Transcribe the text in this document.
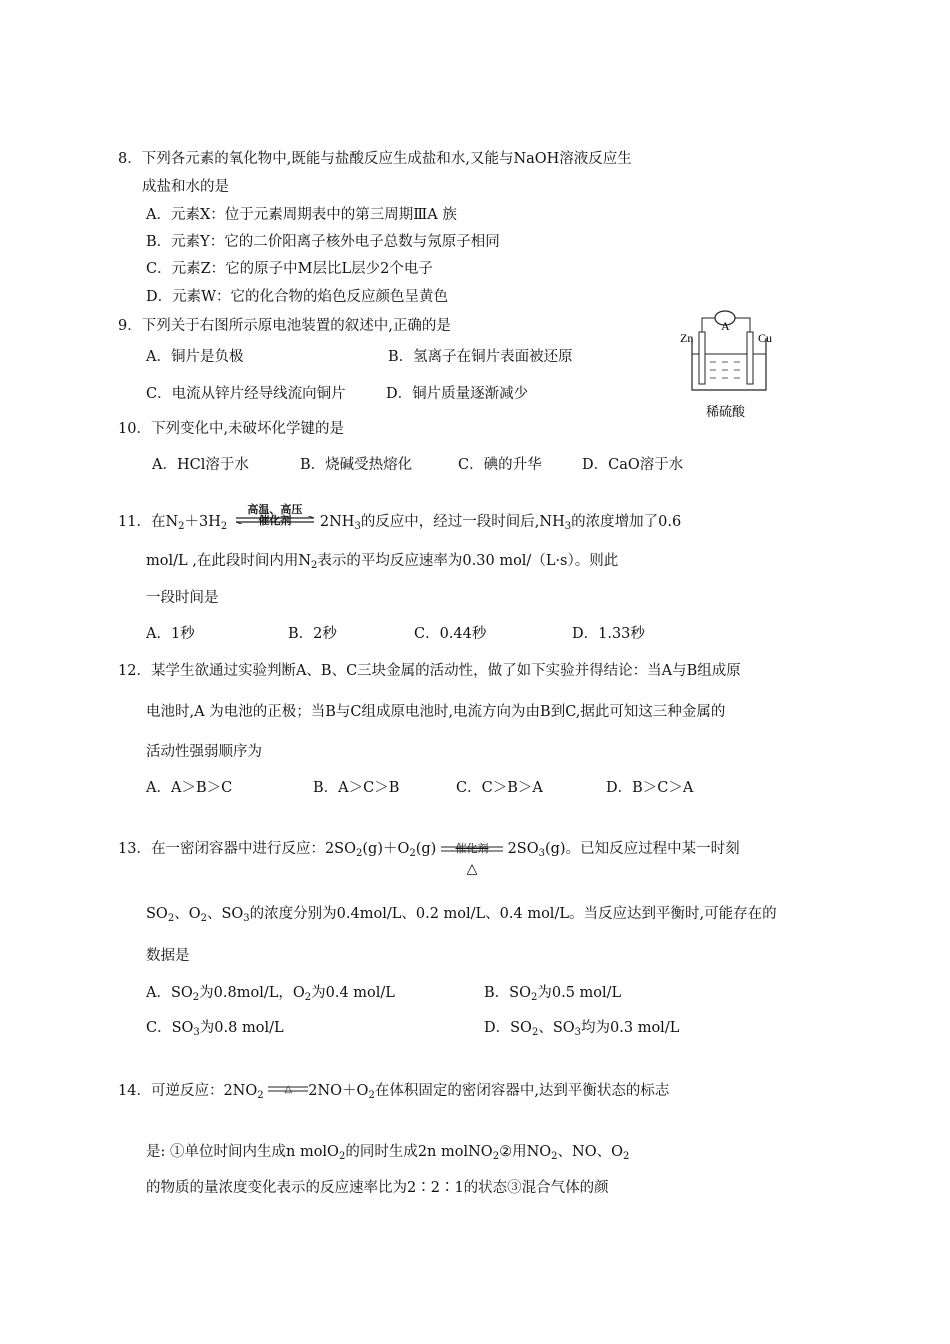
8．下列各元素的氧化物中,既能与盐酸反应生成盐和水,又能与NaOH溶液反应生
成盐和水的是
A．元素X：位于元素周期表中的第三周期ⅢA 族
B．元素Y：它的二价阳离子核外电子总数与氖原子相同
C．元素Z：它的原子中M层比L层少2个电子
D．元素W：它的化合物的焰色反应颜色呈黄色
9．下列关于右图所示原电池装置的叙述中,正确的是
A．铜片是负极	B．氢离子在铜片表面被还原
C．电流从锌片经导线流向铜片	D．铜片质量逐渐减少
Zn
A
Cu
稀硫酸
10．下列变化中,未破坏化学键的是
A．HCl溶于水	B．烧碱受热熔化	C．碘的升华	D．CaO溶于水
11．在$N_2+3H_2$
高温、高压
催化剂	$2NH_3$的反应中，经过一段时间后$,NH_3$的浓度增加了0.6
mol/L ,在此段时间内用$N_2$表示的平均反应速率为0.30 mol/（L·s）。则此
一段时间是
A．1秒	B．2秒	C．0.44秒	D．1.33秒
12．某学生欲通过实验判断A、B、C三块金属的活动性，做了如下实验并得结论：当A与B组成原
电池时,A 为电池的正极；当B与C组成原电池时,电流方向为由B到C,据此可知这三种金属的
活动性强弱顺序为
A．A＞B＞C	B．A＞C＞B	C．C＞B＞A	D．B＞C＞A
13．在一密闭容器中进行反应：$2SO_2(g)+O_2(g)$	催化剂
△
$2SO_3(g)$。已知反应过程中某一时刻
$SO_2$、$O_2$、$SO_3$的浓度分别为0.4mol/L、0.2 mol/L、0.4 mol/L。当反应达到平衡时,可能存在的
数据是
A．$SO_2$为0.8mol/L，$O_2$为0.4 mol/L	B．$SO_2$为0.5 mol/L
C．$SO_3$为0.8 mol/L	D．$SO_2$、$SO_3$均为0.3 mol/L
14．可逆反应：$2NO_2$
△	$2NO+O_2$在体积固定的密闭容器中,达到平衡状态的标志
是: ①单位时间内生成n molO$_2$的同时生成2n molNO$_2$②用$NO_2$、NO、$O_2$
的物质的量浓度变化表示的反应速率比为2∶2∶1的状态③混合气体的颜
